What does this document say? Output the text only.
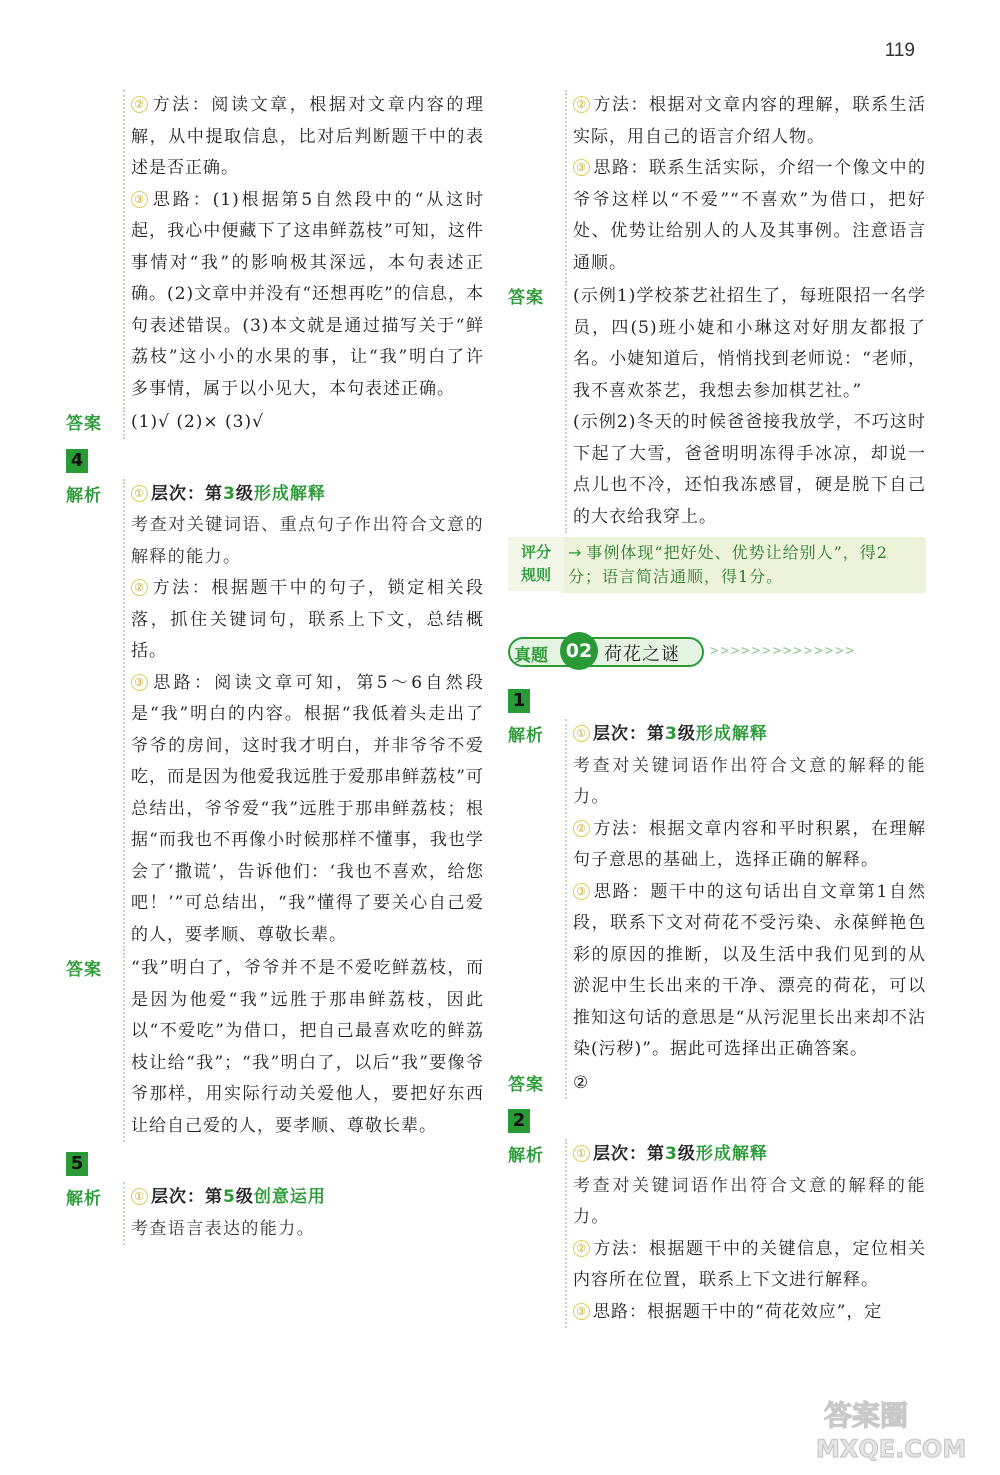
119

② 方法：阅读文章，根据对文章内容的理解，从中提取信息，比对后判断题干中的表述是否正确。

③ 思路：(1)根据第5自然段中的“从这时起，我心中便藏下了这串鲜荔枝”可知，这件事情对“我”的影响极其深远，本句表述正确。(2)文章中并没有“还想再吃”的信息，本句表述错误。(3)本文就是通过描写关于“鲜荔枝”这小小的水果的事，让“我”明白了许多事情，属于以小见大，本句表述正确。

答案 (1)√ (2)× (3)√

4
解析	① 层次：第3级形成解释

考查对关键词语、重点句子作出符合文意的解释的能力。

② 方法：根据题干中的句子，锁定相关段落，抓住关键词句，联系上下文，总结概括。

③ 思路：阅读文章可知，第5～6自然段是“我”明白的内容。根据“我低着头走出了爷爷的房间，这时我才明白，并非爷爷不爱吃，而是因为他爱我远胜于爱那串鲜荔枝”可总结出，爷爷爱“我”远胜于那串鲜荔枝；根据“而我也不再像小时候那样不懂事，我也学会了‘撒谎’，告诉他们：‘我也不喜欢，给您吧！’”可总结出，“我”懂得了要关心自己爱的人，要孝顺、尊敬长辈。

答案 “我”明白了，爷爷并不是不爱吃鲜荔枝，而是因为他爱“我”远胜于那串鲜荔枝，因此以“不爱吃”为借口，把自己最喜欢吃的鲜荔枝让给“我”；“我”明白了，以后“我”要像爷爷那样，用实际行动关爱他人，要把好东西让给自己爱的人，要孝顺、尊敬长辈。

5
解析	① 层次：第5级创意运用

考查语言表达的能力。

② 方法：根据对文章内容的理解，联系生活实际，用自己的语言介绍人物。

③ 思路：联系生活实际，介绍一个像文中的爷爷这样以“不爱”“不喜欢”为借口，把好处、优势让给别人的人及其事例。注意语言通顺。

答案 (示例1)学校茶艺社招生了，每班限招一名学员，四(5)班小婕和小琳这对好朋友都报了名。小婕知道后，悄悄找到老师说：“老师，我不喜欢茶艺，我想去参加棋艺社。”

(示例2)冬天的时候爸爸接我放学，不巧这时下起了大雪，爸爸明明冻得手冰凉，却说一点儿也不冷，还怕我冻感冒，硬是脱下自己的大衣给我穿上。

评分
规则
→ 事例体现“把好处、优势让给别人”，得2分；语言简洁通顺，得1分。
真题 02 荷花之谜 >>>>>>>>>>>>>>
1
解析	① 层次：第3级形成解释

考查对关键词语作出符合文意的解释的能力。

② 方法：根据文章内容和平时积累，在理解句子意思的基础上，选择正确的解释。

③ 思路：题干中的这句话出自文章第1自然段，联系下文对荷花不受污染、永葆鲜艳色彩的原因的推断，以及生活中我们见到的从淤泥中生长出来的干净、漂亮的荷花，可以推知这句话的意思是“从污泥里长出来却不沾染(污秽)”。据此可选择出正确答案。

答案 ②

2
解析	① 层次：第3级形成解释

考查对关键词语作出符合文意的解释的能力。

② 方法：根据题干中的关键信息，定位相关内容所在位置，联系上下文进行解释。

③ 思路：根据题干中的“荷花效应”，定

答案圈
MXQE.COM
